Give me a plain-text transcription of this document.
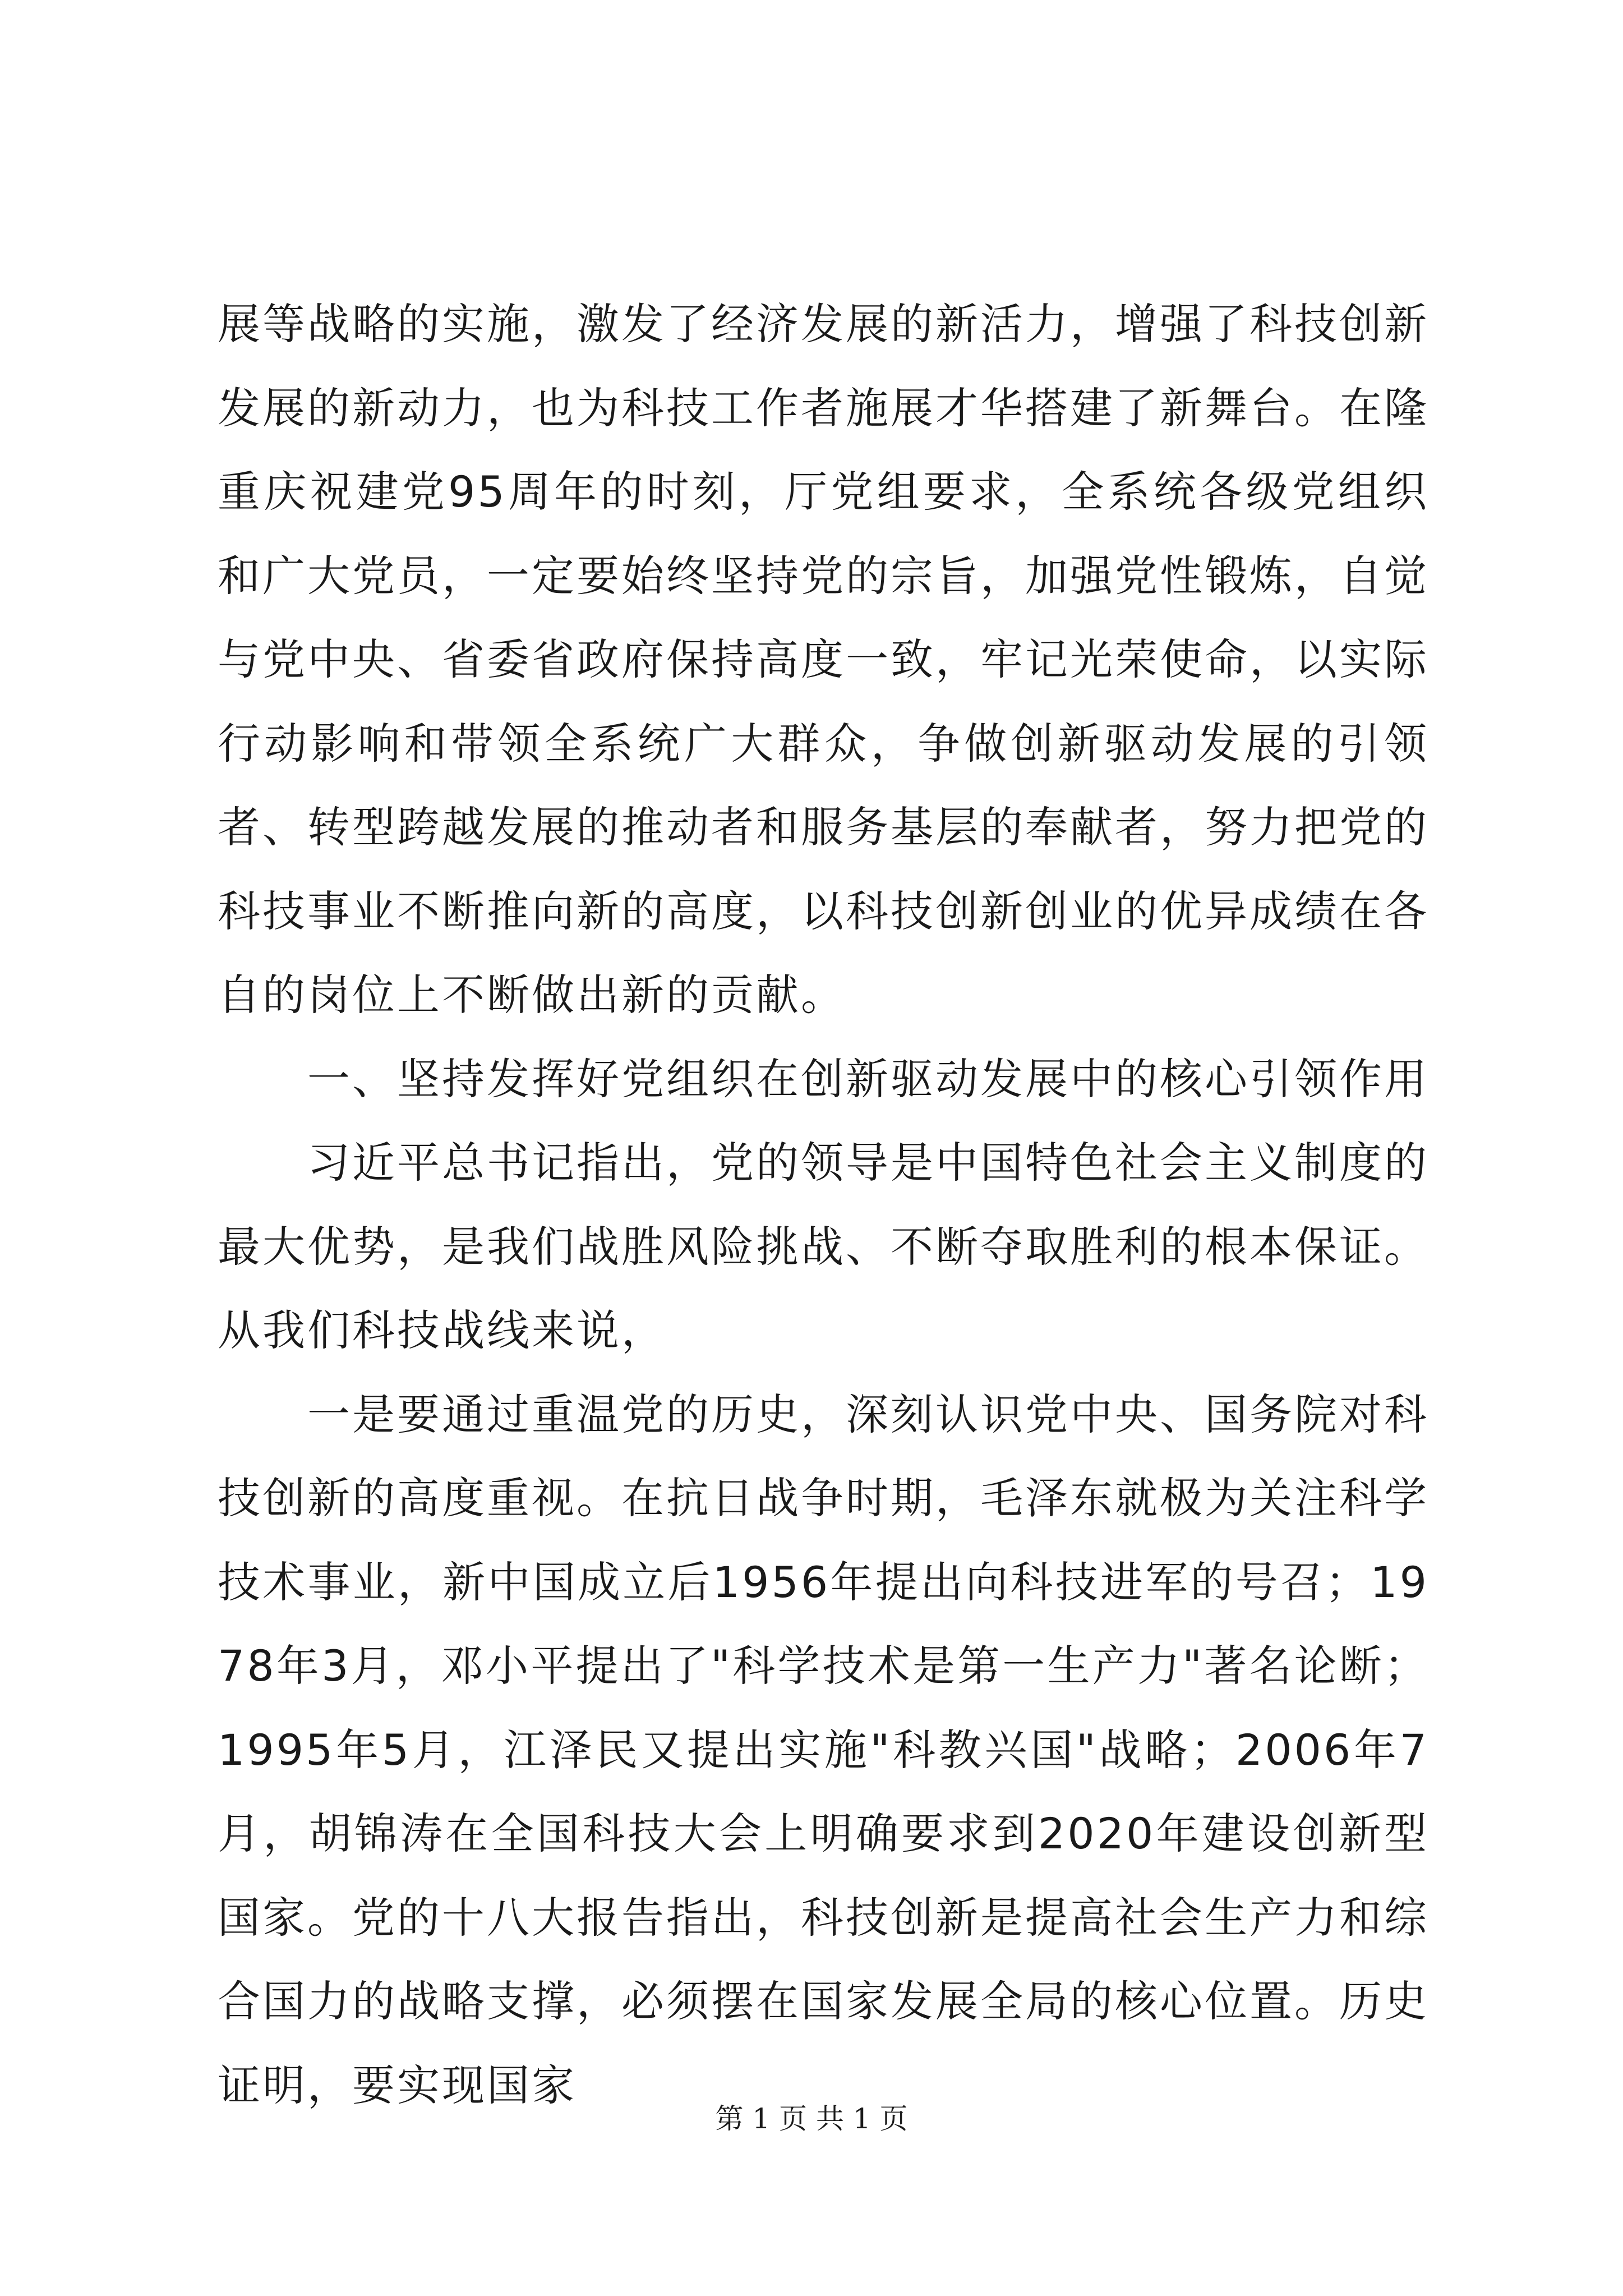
展等战略的实施，激发了经济发展的新活力，增强了科技创新发展的新动力，也为科技工作者施展才华搭建了新舞台。在隆重庆祝建党95周年的时刻，厅党组要求，全系统各级党组织和广大党员，一定要始终坚持党的宗旨，加强党性锻炼，自觉与党中央、省委省政府保持高度一致，牢记光荣使命，以实际行动影响和带领全系统广大群众，争做创新驱动发展的引领者、转型跨越发展的推动者和服务基层的奉献者，努力把党的科技事业不断推向新的高度，以科技创新创业的优异成绩在各自的岗位上不断做出新的贡献。

一、坚持发挥好党组织在创新驱动发展中的核心引领作用

习近平总书记指出，党的领导是中国特色社会主义制度的最大优势，是我们战胜风险挑战、不断夺取胜利的根本保证。从我们科技战线来说，

一是要通过重温党的历史，深刻认识党中央、国务院对科技创新的高度重视。在抗日战争时期，毛泽东就极为关注科学技术事业，新中国成立后1956年提出向科技进军的号召；1978年3月，邓小平提出了"科学技术是第一生产力"著名论断；1995年5月，江泽民又提出实施"科教兴国"战略；2006年7月，胡锦涛在全国科技大会上明确要求到2020年建设创新型国家。党的十八大报告指出，科技创新是提高社会生产力和综合国力的战略支撑，必须摆在国家发展全局的核心位置。历史证明，要实现国家

第 1 页 共 1 页
